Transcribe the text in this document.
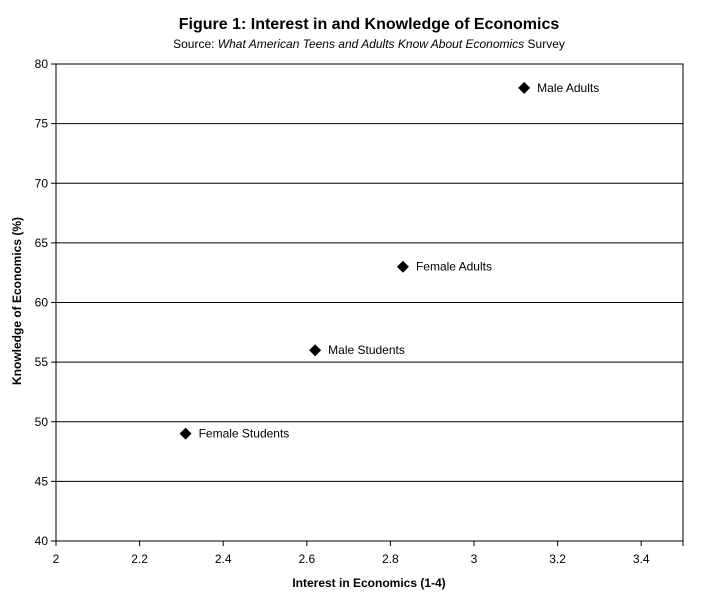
Figure 1: Interest in and Knowledge of Economics
Source: What American Teens and Adults Know About Economics Survey
40
45
50
55
60
65
70
75
80
2	2.2	2.4	2.6	2.8	3	3.2	3.4
Female Students
Male Students
Female Adults
Male Adults
Interest in Economics (1-4)
Knowledge of Economics (%)
